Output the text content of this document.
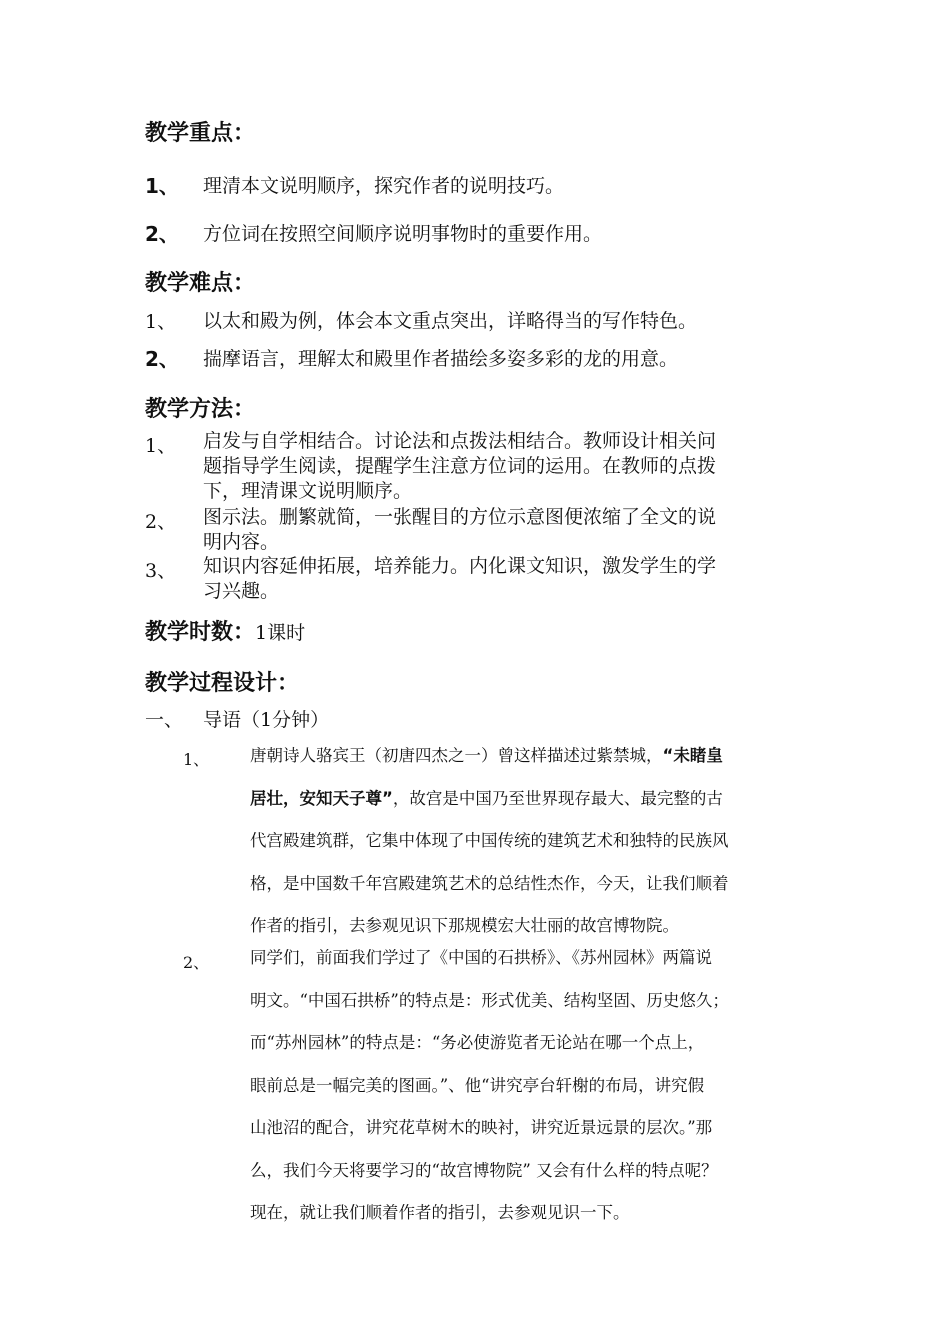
教学重点：
1、 理清本文说明顺序，探究作者的说明技巧。
2、 方位词在按照空间顺序说明事物时的重要作用。
教学难点：
1、 以太和殿为例，体会本文重点突出，详略得当的写作特色。
2、 揣摩语言，理解太和殿里作者描绘多姿多彩的龙的用意。
教学方法：
1、 启发与自学相结合。讨论法和点拨法相结合。教师设计相关问
题指导学生阅读，提醒学生注意方位词的运用。在教师的点拨
下，理清课文说明顺序。
2、 图示法。删繁就简，一张醒目的方位示意图便浓缩了全文的说
明内容。
3、 知识内容延伸拓展，培养能力。内化课文知识，激发学生的学
习兴趣。
教学时数：1课时
教学过程设计：
一、 导语（1分钟）
1、 唐朝诗人骆宾王（初唐四杰之一）曾这样描述过紫禁城，“未睹皇
居壮，安知天子尊”，故宫是中国乃至世界现存最大、最完整的古
代宫殿建筑群，它集中体现了中国传统的建筑艺术和独特的民族风
格，是中国数千年宫殿建筑艺术的总结性杰作，今天，让我们顺着
作者的指引，去参观见识下那规模宏大壮丽的故宫博物院。
2、 同学们，前面我们学过了《中国的石拱桥》、《苏州园林》两篇说
明文。“中国石拱桥”的特点是：形式优美、结构坚固、历史悠久；
而“苏州园林”的特点是：“务必使游览者无论站在哪一个点上，
眼前总是一幅完美的图画。”、他“讲究亭台轩榭的布局，讲究假
山池沼的配合，讲究花草树木的映衬，讲究近景远景的层次。”那
么，我们今天将要学习的“故宫博物院” 又会有什么样的特点呢？
现在，就让我们顺着作者的指引，去参观见识一下。
